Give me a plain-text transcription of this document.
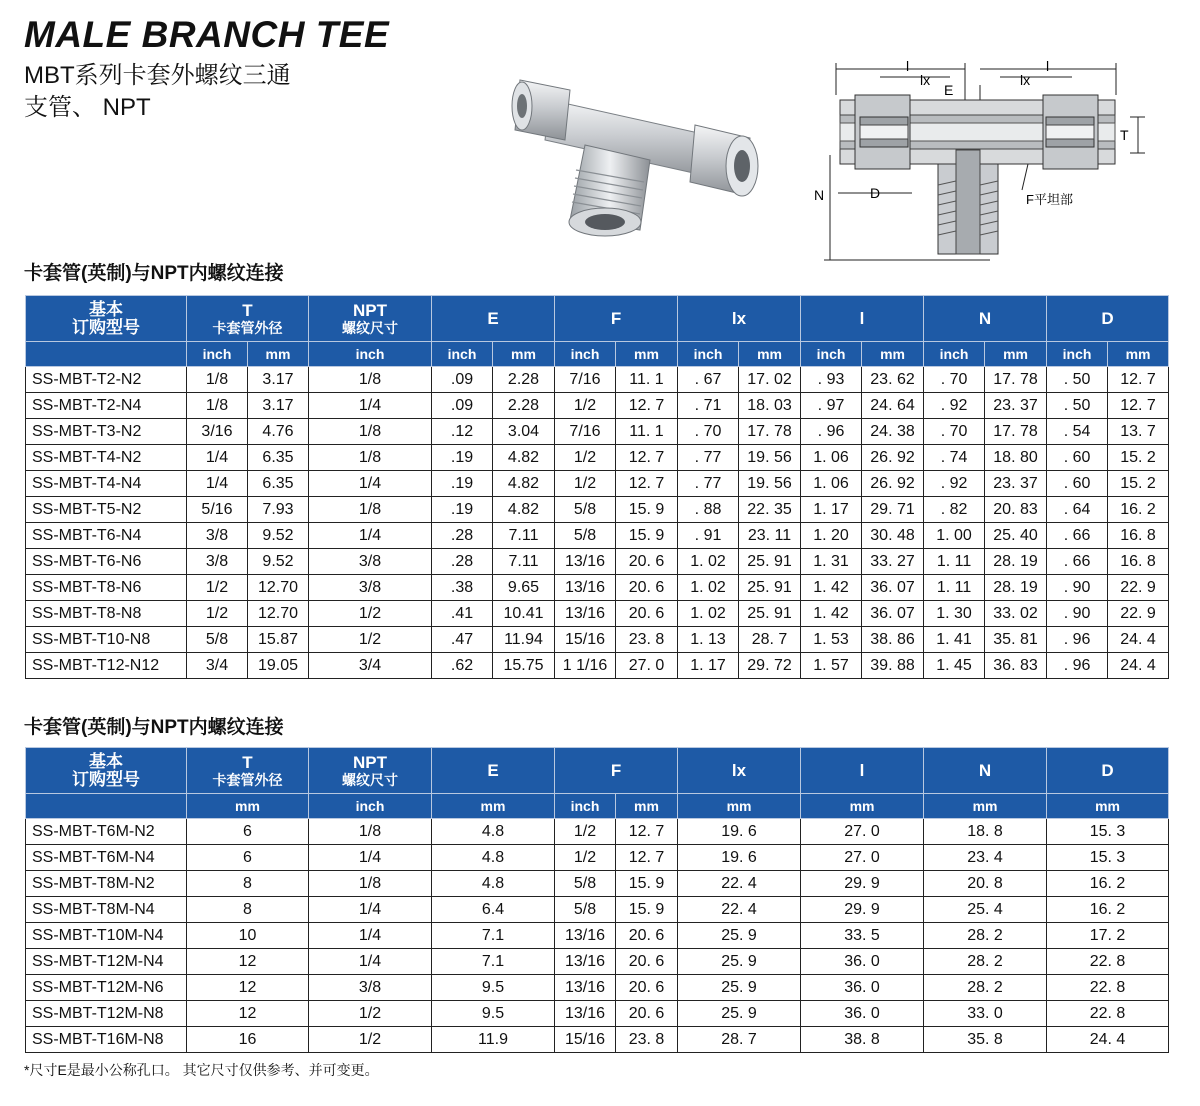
MALE BRANCH TEE
MBT系列卡套外螺纹三通
支管、 NPT
l
lx
E
lx
l
T
N	D	F平坦部
卡套管(英制)与NPT内螺纹连接
基本
订购型号	T
卡套管外径		NPT
螺纹尺寸	E		F		lx		l		N		D	
	inch	mm	inch	inch	mm	inch	mm	inch	mm	inch	mm	inch	mm	inch	mm
SS-MBT-T2-N2	1/8	3.17	1/8	.09	2.28	7/16	11. 1	. 67	17. 02	. 93	23. 62	. 70	17. 78	. 50	12. 7
SS-MBT-T2-N4	1/8	3.17	1/4	.09	2.28	1/2	12. 7	. 71	18. 03	. 97	24. 64	. 92	23. 37	. 50	12. 7
SS-MBT-T3-N2	3/16	4.76	1/8	.12	3.04	7/16	11. 1	. 70	17. 78	. 96	24. 38	. 70	17. 78	. 54	13. 7
SS-MBT-T4-N2	1/4	6.35	1/8	.19	4.82	1/2	12. 7	. 77	19. 56	1. 06	26. 92	. 74	18. 80	. 60	15. 2
SS-MBT-T4-N4	1/4	6.35	1/4	.19	4.82	1/2	12. 7	. 77	19. 56	1. 06	26. 92	. 92	23. 37	. 60	15. 2
SS-MBT-T5-N2	5/16	7.93	1/8	.19	4.82	5/8	15. 9	. 88	22. 35	1. 17	29. 71	. 82	20. 83	. 64	16. 2
SS-MBT-T6-N4	3/8	9.52	1/4	.28	7.11	5/8	15. 9	. 91	23. 11	1. 20	30. 48	1. 00	25. 40	. 66	16. 8
SS-MBT-T6-N6	3/8	9.52	3/8	.28	7.11	13/16	20. 6	1. 02	25. 91	1. 31	33. 27	1. 11	28. 19	. 66	16. 8
SS-MBT-T8-N6	1/2	12.70	3/8	.38	9.65	13/16	20. 6	1. 02	25. 91	1. 42	36. 07	1. 11	28. 19	. 90	22. 9
SS-MBT-T8-N8	1/2	12.70	1/2	.41	10.41	13/16	20. 6	1. 02	25. 91	1. 42	36. 07	1. 30	33. 02	. 90	22. 9
SS-MBT-T10-N8	5/8	15.87	1/2	.47	11.94	15/16	23. 8	1. 13	28. 7	1. 53	38. 86	1. 41	35. 81	. 96	24. 4
SS-MBT-T12-N12	3/4	19.05	3/4	.62	15.75	1 1/16	27. 0	1. 17	29. 72	1. 57	39. 88	1. 45	36. 83	. 96	24. 4
卡套管(英制)与NPT内螺纹连接
基本
订购型号	T
卡套管外径	NPT
螺纹尺寸	E	F		lx	l	N	D
	mm	inch	mm	inch	mm	mm	mm	mm	mm
SS-MBT-T6M-N2	6	1/8	4.8	1/2	12. 7	19. 6	27. 0	18. 8	15. 3
SS-MBT-T6M-N4	6	1/4	4.8	1/2	12. 7	19. 6	27. 0	23. 4	15. 3
SS-MBT-T8M-N2	8	1/8	4.8	5/8	15. 9	22. 4	29. 9	20. 8	16. 2
SS-MBT-T8M-N4	8	1/4	6.4	5/8	15. 9	22. 4	29. 9	25. 4	16. 2
SS-MBT-T10M-N4	10	1/4	7.1	13/16	20. 6	25. 9	33. 5	28. 2	17. 2
SS-MBT-T12M-N4	12	1/4	7.1	13/16	20. 6	25. 9	36. 0	28. 2	22. 8
SS-MBT-T12M-N6	12	3/8	9.5	13/16	20. 6	25. 9	36. 0	28. 2	22. 8
SS-MBT-T12M-N8	12	1/2	9.5	13/16	20. 6	25. 9	36. 0	33. 0	22. 8
SS-MBT-T16M-N8	16	1/2	11.9	15/16	23. 8	28. 7	38. 8	35. 8	24. 4
*尺寸E是最小公称孔口。 其它尺寸仅供参考、并可变更。
